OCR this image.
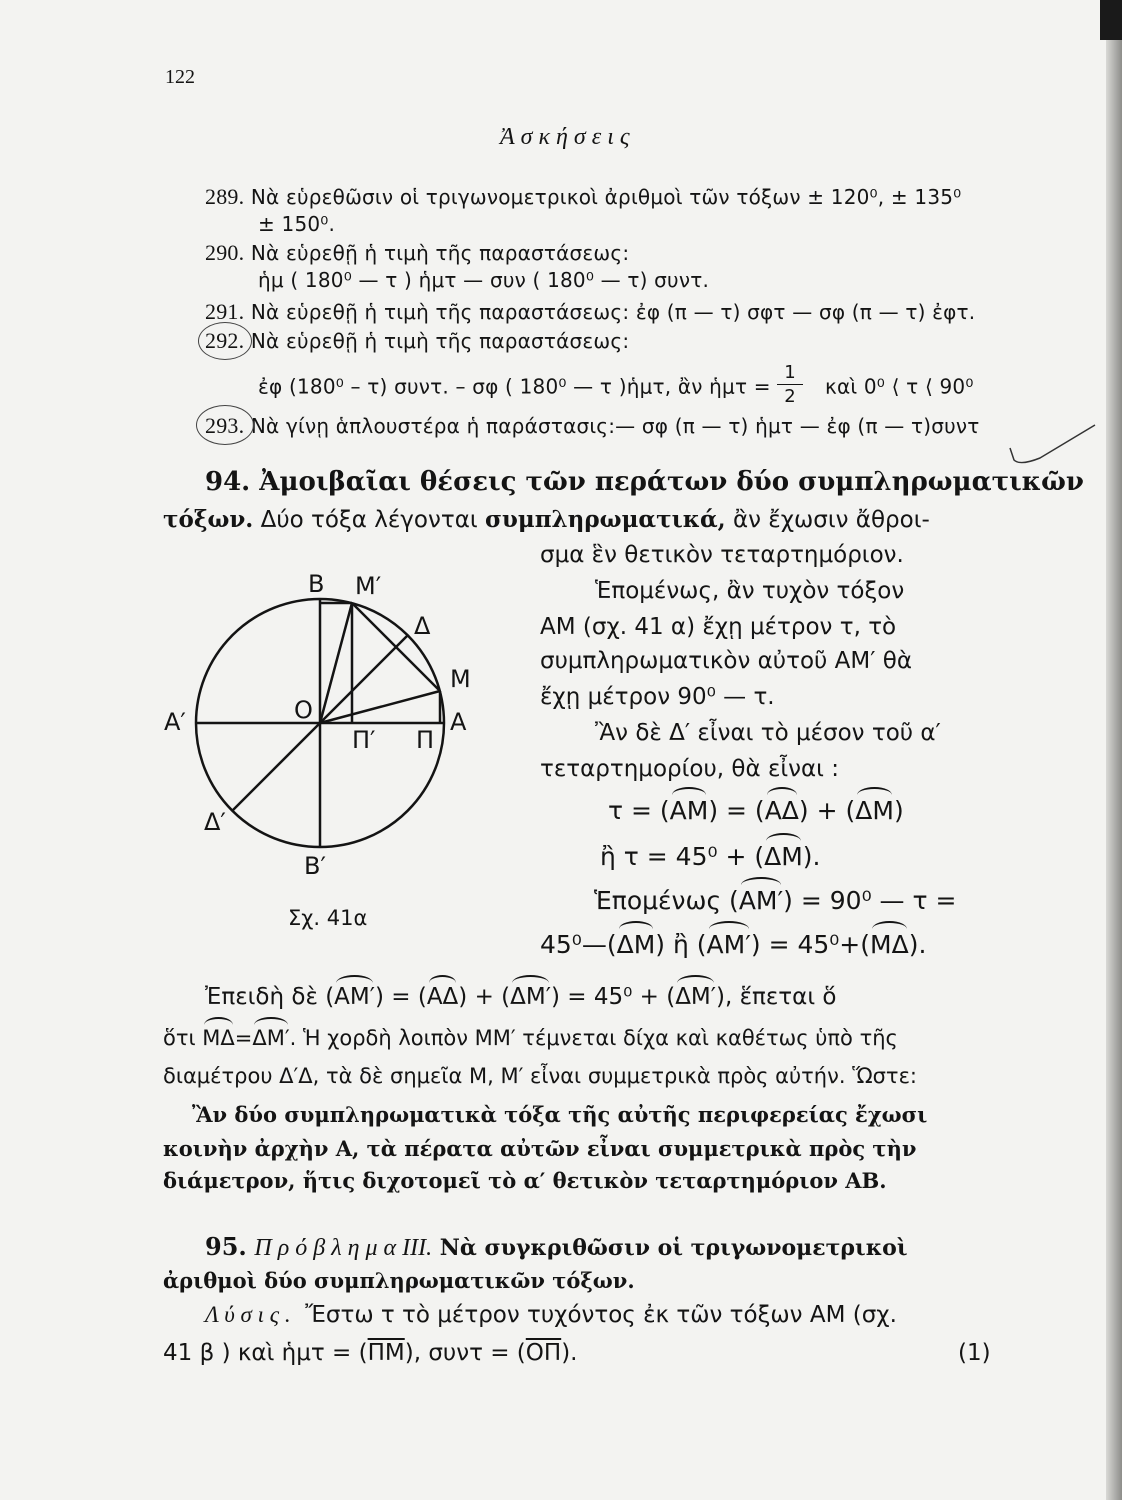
122
Ἀ σ κ ή σ ε ι ς
289. Νὰ εὑρεθῶσιν οἱ τριγωνομετρικοὶ ἀριθμοὶ τῶν τόξων ± 120⁰, ± 135⁰
± 150⁰.
290. Νὰ εὑρεθῇ ἡ τιμὴ τῆς παραστάσεως:
ἡμ ( 180⁰ — τ ) ἡμτ — συν ( 180⁰ — τ) συντ.
291. Νὰ εὑρεθῇ ἡ τιμὴ τῆς παραστάσεως: ἐφ (π — τ) σφτ — σφ (π — τ) ἐφτ.
292. Νὰ εὑρεθῇ ἡ τιμὴ τῆς παραστάσεως:
ἐφ (180⁰ – τ) συντ. – σφ ( 180⁰ — τ )ἡμτ, ἂν ἡμτ = $\frac{1}{2}$ καὶ 0⁰ ⟨ τ ⟨ 90⁰
293. Νὰ γίνῃ ἁπλουστέρα ἡ παράστασις:— σφ (π — τ) ἡμτ — ἐφ (π — τ)συντ
94. Ἀμοιβαῖαι θέσεις τῶν περάτων δύο συμπληρωματικῶν
τόξων. Δύο τόξα λέγονται συμπληρωματικά, ἂν ἔχωσιν ἄθροι-
σμα ἓν θετικὸν τεταρτημόριον.
Ἑπομένως, ἂν τυχὸν τόξον
ΑΜ (σχ. 41 α) ἔχῃ μέτρον τ, τὸ
συμπληρωματικὸν αὐτοῦ ΑΜ′ θὰ
ἔχῃ μέτρον 90⁰ — τ.
Ἂν δὲ Δ′ εἶναι τὸ μέσον τοῦ α′
τεταρτημορίου, θὰ εἶναι :
τ = (ΑΜ) = (ΑΔ) + (ΔΜ)
ἢ τ = 45⁰ + (ΔΜ).
Ἑπομένως (ΑΜ′) = 90⁰ — τ =
45⁰—(ΔΜ) ἢ (ΑΜ′) = 45⁰+(ΜΔ).
Β Μ′
Δ
Μ
Α′	Ο	Α
Π′ Π
Δ′
Β′
Σχ. 41α
Ἐπειδὴ δὲ (ΑΜ′) = (ΑΔ) + (ΔΜ′) = 45⁰ + (ΔΜ′), ἕπεται ὅ
ὅτι ΜΔ=ΔΜ′. Ἡ χορδὴ λοιπὸν ΜΜ′ τέμνεται δίχα καὶ καθέτως ὑπὸ τῆς
διαμέτρου Δ′Δ, τὰ δὲ σημεῖα Μ, Μ′ εἶναι συμμετρικὰ πρὸς αὐτήν. Ὥστε:
Ἂν δύο συμπληρωματικὰ τόξα τῆς αὐτῆς περιφερείας ἔχωσι
κοινὴν ἀρχὴν Α, τὰ πέρατα αὐτῶν εἶναι συμμετρικὰ πρὸς τὴν
διάμετρον, ἥτις διχοτομεῖ τὸ α′ θετικὸν τεταρτημόριον ΑΒ.
95. Π ρ ό β λ η μ α III. Νὰ συγκριθῶσιν οἱ τριγωνομετρικοὶ
ἀριθμοὶ δύο συμπληρωματικῶν τόξων.
Λ ύ σ ι ς . Ἔστω τ τὸ μέτρον τυχόντος ἐκ τῶν τόξων ΑΜ (σχ.
41 β ) καὶ ἡμτ = $(\overline{\Pi M})$, $\sigma\upsilon\nu\tau = (\overline{O\Pi})$.	(1)
